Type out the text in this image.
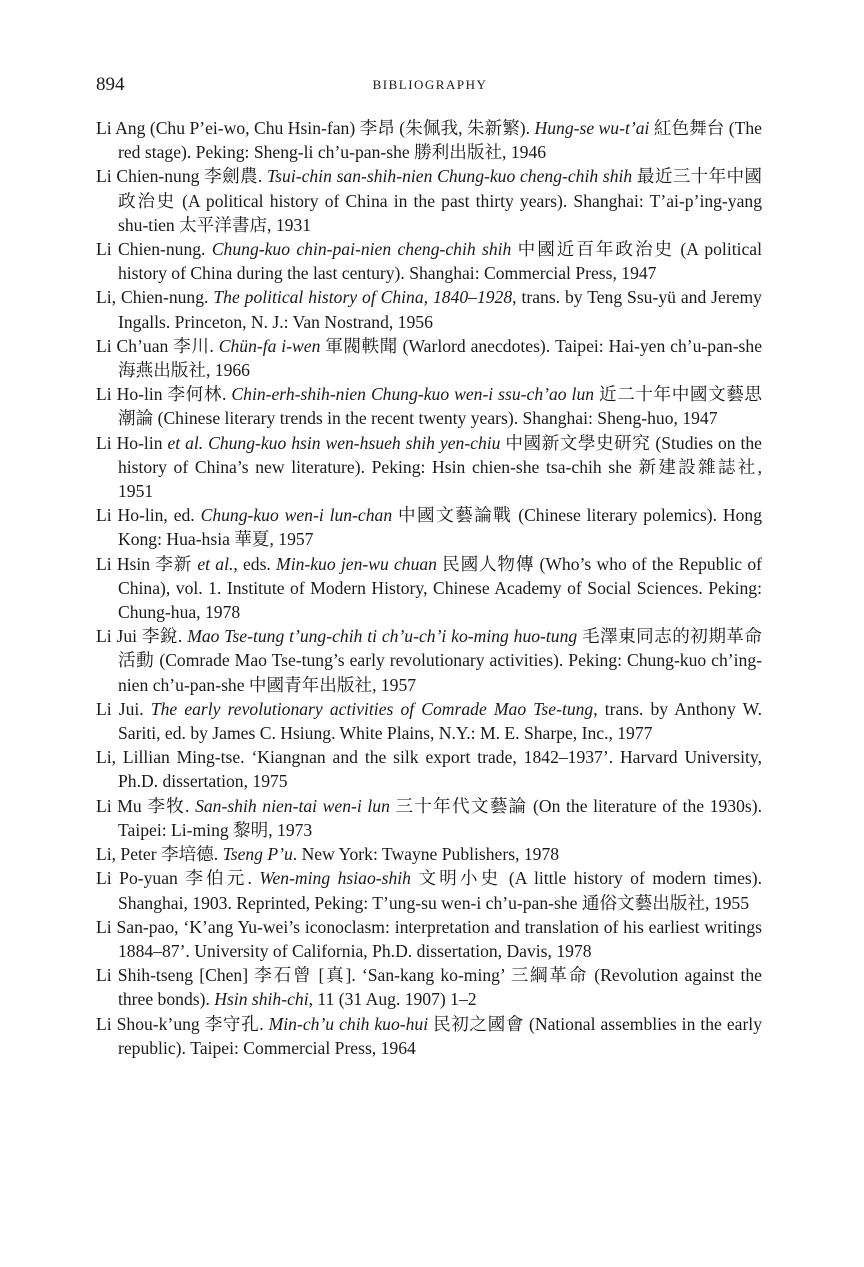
894	BIBLIOGRAPHY

Li Ang (Chu P’ei-wo, Chu Hsin-fan) 李昂 (朱佩我, 朱新繁). Hung-se wu-t’ai 紅色舞台 (The red stage). Peking: Sheng-li ch’u-pan-she 勝利出版社, 1946

Li Chien-nung 李劍農. Tsui-chin san-shih-nien Chung-kuo cheng-chih shih 最近三十年中國政治史 (A political history of China in the past thirty years). Shanghai: T’ai-p’ing-yang shu-tien 太平洋書店, 1931

Li Chien-nung. Chung-kuo chin-pai-nien cheng-chih shih 中國近百年政治史 (A political history of China during the last century). Shanghai: Commercial Press, 1947

Li, Chien-nung. The political history of China, 1840–1928, trans. by Teng Ssu-yü and Jeremy Ingalls. Princeton, N. J.: Van Nostrand, 1956

Li Ch’uan 李川. Chün-fa i-wen 軍閥軼聞 (Warlord anecdotes). Taipei: Hai-yen ch’u-pan-she 海燕出版社, 1966

Li Ho-lin 李何林. Chin-erh-shih-nien Chung-kuo wen-i ssu-ch’ao lun 近二十年中國文藝思潮論 (Chinese literary trends in the recent twenty years). Shanghai: Sheng-huo, 1947

Li Ho-lin et al. Chung-kuo hsin wen-hsueh shih yen-chiu 中國新文學史研究 (Studies on the history of China’s new literature). Peking: Hsin chien-she tsa-chih she 新建設雜誌社, 1951

Li Ho-lin, ed. Chung-kuo wen-i lun-chan 中國文藝論戰 (Chinese literary polemics). Hong Kong: Hua-hsia 華夏, 1957

Li Hsin 李新 et al., eds. Min-kuo jen-wu chuan 民國人物傳 (Who’s who of the Republic of China), vol. 1. Institute of Modern History, Chinese Academy of Social Sciences. Peking: Chung-hua, 1978

Li Jui 李銳. Mao Tse-tung t’ung-chih ti ch’u-ch’i ko-ming huo-tung 毛澤東同志的初期革命活動 (Comrade Mao Tse-tung’s early revolutionary activities). Peking: Chung-kuo ch’ing-nien ch’u-pan-she 中國青年出版社, 1957

Li Jui. The early revolutionary activities of Comrade Mao Tse-tung, trans. by Anthony W. Sariti, ed. by James C. Hsiung. White Plains, N.Y.: M. E. Sharpe, Inc., 1977

Li, Lillian Ming-tse. ‘Kiangnan and the silk export trade, 1842–1937’. Harvard University, Ph.D. dissertation, 1975

Li Mu 李牧. San-shih nien-tai wen-i lun 三十年代文藝論 (On the literature of the 1930s). Taipei: Li-ming 黎明, 1973

Li, Peter 李培德. Tseng P’u. New York: Twayne Publishers, 1978

Li Po-yuan 李伯元. Wen-ming hsiao-shih 文明小史 (A little history of modern times). Shanghai, 1903. Reprinted, Peking: T’ung-su wen-i ch’u-pan-she 通俗文藝出版社, 1955

Li San-pao, ‘K’ang Yu-wei’s iconoclasm: interpretation and translation of his earliest writings 1884–87’. University of California, Ph.D. dissertation, Davis, 1978

Li Shih-tseng [Chen] 李石曾 [真]. ‘San-kang ko-ming’ 三綱革命 (Revolution against the three bonds). Hsin shih-chi, 11 (31 Aug. 1907) 1–2

Li Shou-k’ung 李守孔. Min-ch’u chih kuo-hui 民初之國會 (National assemblies in the early republic). Taipei: Commercial Press, 1964
